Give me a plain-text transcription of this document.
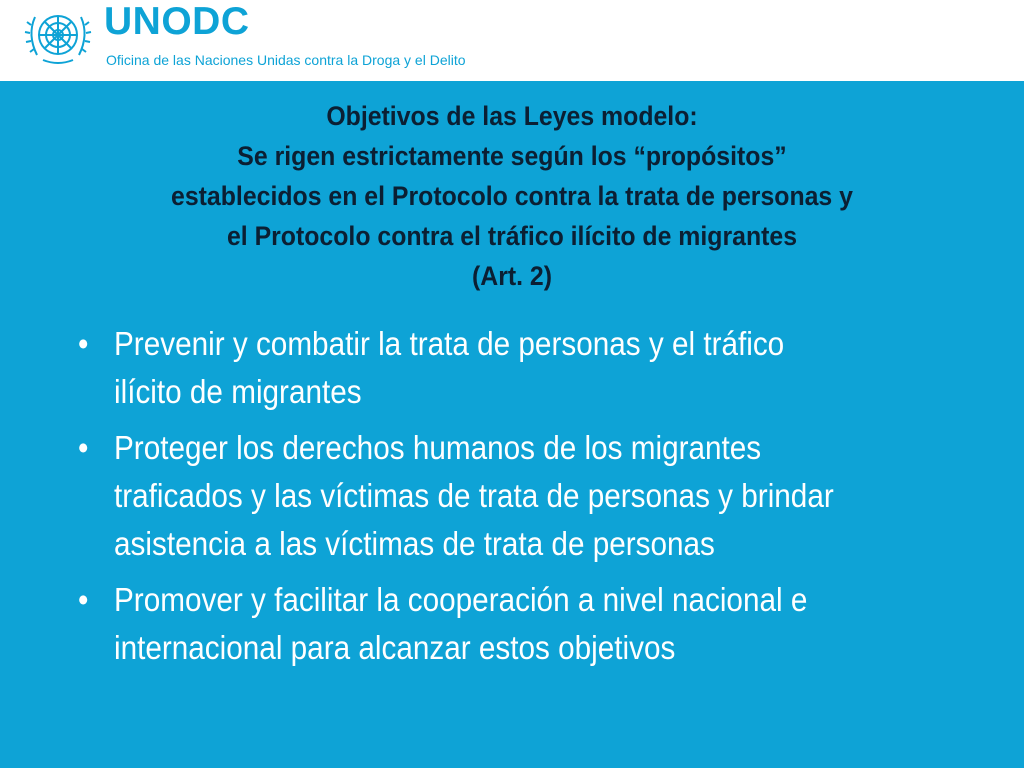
UNODC
Oficina de las Naciones Unidas contra la Droga y el Delito
Objetivos de las Leyes modelo:
Se rigen estrictamente según los “propósitos”
establecidos en el Protocolo contra la trata de personas y
el Protocolo contra el tráfico ilícito de migrantes
(Art. 2)
• Prevenir y combatir la trata de personas y el tráfico
ilícito de migrantes
• Proteger los derechos humanos de los migrantes
traficados y las víctimas de trata de personas y brindar
asistencia a las víctimas de trata de personas
• Promover y facilitar la cooperación a nivel nacional e
internacional para alcanzar estos objetivos
